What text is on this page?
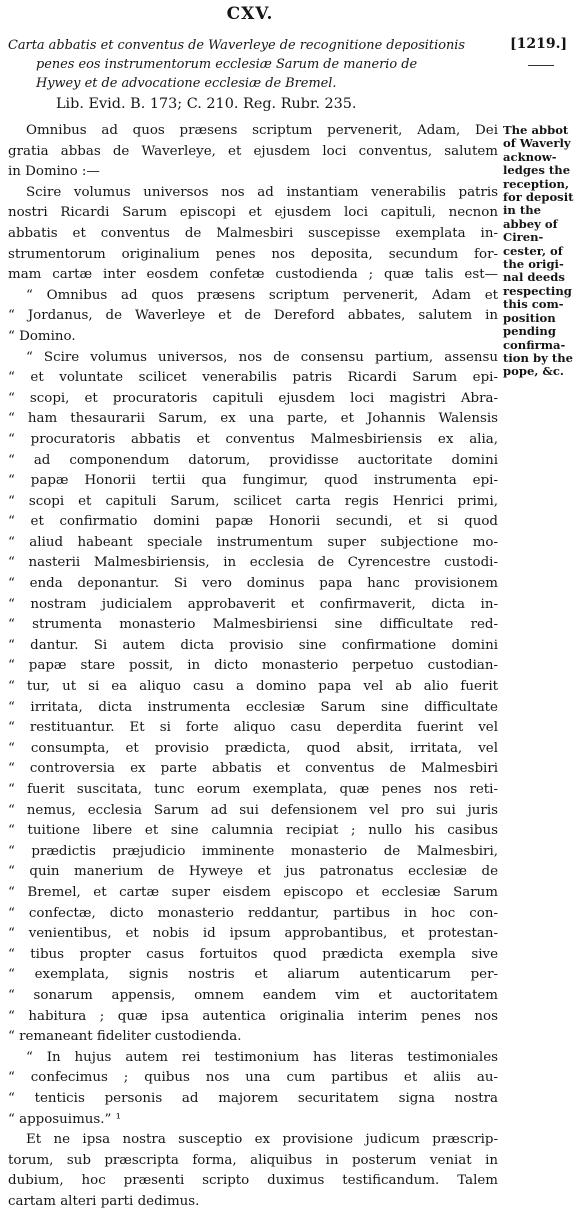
CXV.
Carta abbatis et conventus de Waverleye de recognitione depositionis
penes eos instrumentorum ecclesiæ Sarum de manerio de
Hywey et de advocatione ecclesiæ de Bremel.
[1219.]
Lib. Evid. B. 173; C. 210. Reg. Rubr. 235.
Omnibus ad quos præsens scriptum pervenerit, Adam, Dei
gratia abbas de Waverleye, et ejusdem loci conventus, salutem
in Domino :—
Scire volumus universos nos ad instantiam venerabilis patris
nostri Ricardi Sarum episcopi et ejusdem loci capituli, necnon
abbatis et conventus de Malmesbiri suscepisse exemplata in-
strumentorum originalium penes nos deposita, secundum for-
mam cartæ inter eosdem confetæ custodienda ; quæ talis est—
“ Omnibus ad quos præsens scriptum pervenerit, Adam et
“ Jordanus, de Waverleye et de Dereford abbates, salutem in
“ Domino.
“ Scire volumus universos, nos de consensu partium, assensu
“ et voluntate scilicet venerabilis patris Ricardi Sarum epi-
“ scopi, et procuratoris capituli ejusdem loci magistri Abra-
“ ham thesaurarii Sarum, ex una parte, et Johannis Walensis
“ procuratoris abbatis et conventus Malmesbiriensis ex alia,
“ ad componendum datorum, providisse auctoritate domini
“ papæ Honorii tertii qua fungimur, quod instrumenta epi-
“ scopi et capituli Sarum, scilicet carta regis Henrici primi,
“ et confirmatio domini papæ Honorii secundi, et si quod
“ aliud habeant speciale instrumentum super subjectione mo-
“ nasterii Malmesbiriensis, in ecclesia de Cyrencestre custodi-
“ enda deponantur. Si vero dominus papa hanc provisionem
“ nostram judicialem approbaverit et confirmaverit, dicta in-
“ strumenta monasterio Malmesbiriensi sine difficultate red-
“ dantur. Si autem dicta provisio sine confirmatione domini
“ papæ stare possit, in dicto monasterio perpetuo custodian-
“ tur, ut si ea aliquo casu a domino papa vel ab alio fuerit
“ irritata, dicta instrumenta ecclesiæ Sarum sine difficultate
“ restituantur. Et si forte aliquo casu deperdita fuerint vel
“ consumpta, et provisio prædicta, quod absit, irritata, vel
“ controversia ex parte abbatis et conventus de Malmesbiri
“ fuerit suscitata, tunc eorum exemplata, quæ penes nos reti-
“ nemus, ecclesia Sarum ad sui defensionem vel pro sui juris
“ tuitione libere et sine calumnia recipiat ; nullo his casibus
“ prædictis præjudicio imminente monasterio de Malmesbiri,
“ quin manerium de Hyweye et jus patronatus ecclesiæ de
“ Bremel, et cartæ super eisdem episcopo et ecclesiæ Sarum
“ confectæ, dicto monasterio reddantur, partibus in hoc con-
“ venientibus, et nobis id ipsum approbantibus, et protestan-
“ tibus propter casus fortuitos quod prædicta exempla sive
“ exemplata, signis nostris et aliarum autenticarum per-
“ sonarum appensis, omnem eandem vim et auctoritatem
“ habitura ; quæ ipsa autentica originalia interim penes nos
“ remaneant fideliter custodienda.
“ In hujus autem rei testimonium has literas testimoniales
“ confecimus ; quibus nos una cum partibus et aliis au-
“ tenticis personis ad majorem securitatem signa nostra
“ apposuimus.” ¹
Et ne ipsa nostra susceptio ex provisione judicum præscrip-
torum, sub præscripta forma, aliquibus in posterum veniat in
dubium, hoc præsenti scripto duximus testificandum. Talem
cartam alteri parti dedimus.
The abbot
of Waverly
acknow-
ledges the
reception,
for deposit
in the
abbey of
Ciren-
cester, of
the origi-
nal deeds
respecting
this com-
position
pending
confirma-
tion by the
pope, &c.
